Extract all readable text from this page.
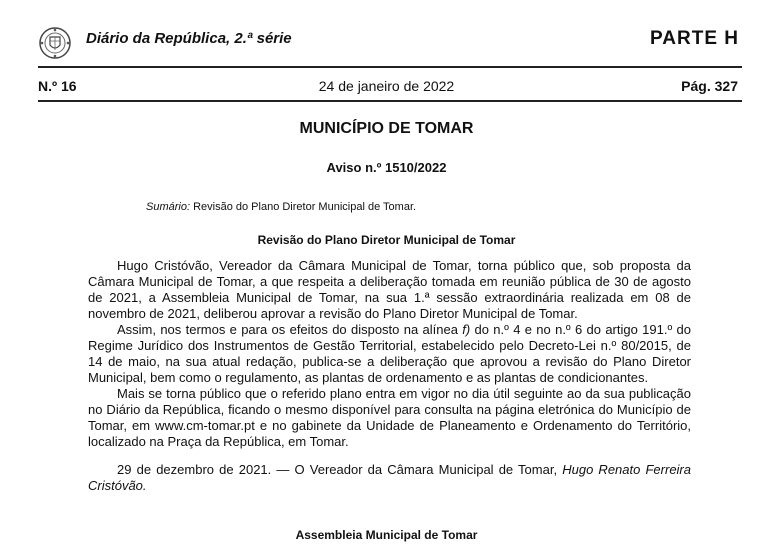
Diário da República, 2.ª série	PARTE H
N.º 16	24 de janeiro de 2022	Pág. 327
MUNICÍPIO DE TOMAR
Aviso n.º 1510/2022
Sumário: Revisão do Plano Diretor Municipal de Tomar.
Revisão do Plano Diretor Municipal de Tomar

Hugo Cristóvão, Vereador da Câmara Municipal de Tomar, torna público que, sob proposta da Câmara Municipal de Tomar, a que respeita a deliberação tomada em reunião pública de 30 de agosto de 2021, a Assembleia Municipal de Tomar, na sua 1.ª sessão extraordinária realizada em 08 de novembro de 2021, deliberou aprovar a revisão do Plano Diretor Municipal de Tomar.

Assim, nos termos e para os efeitos do disposto na alínea f) do n.º 4 e no n.º 6 do artigo 191.º do Regime Jurídico dos Instrumentos de Gestão Territorial, estabelecido pelo Decreto-Lei n.º 80/2015, de 14 de maio, na sua atual redação, publica-se a deliberação que aprovou a revisão do Plano Diretor Municipal, bem como o regulamento, as plantas de ordenamento e as plantas de condicionantes.

Mais se torna público que o referido plano entra em vigor no dia útil seguinte ao da sua publicação no Diário da República, ficando o mesmo disponível para consulta na página eletrónica do Município de Tomar, em www.cm-tomar.pt e no gabinete da Unidade de Planeamento e Ordenamento do Território, localizado na Praça da República, em Tomar.

29 de dezembro de 2021. — O Vereador da Câmara Municipal de Tomar, Hugo Renato Ferreira Cristóvão.

Assembleia Municipal de Tomar
